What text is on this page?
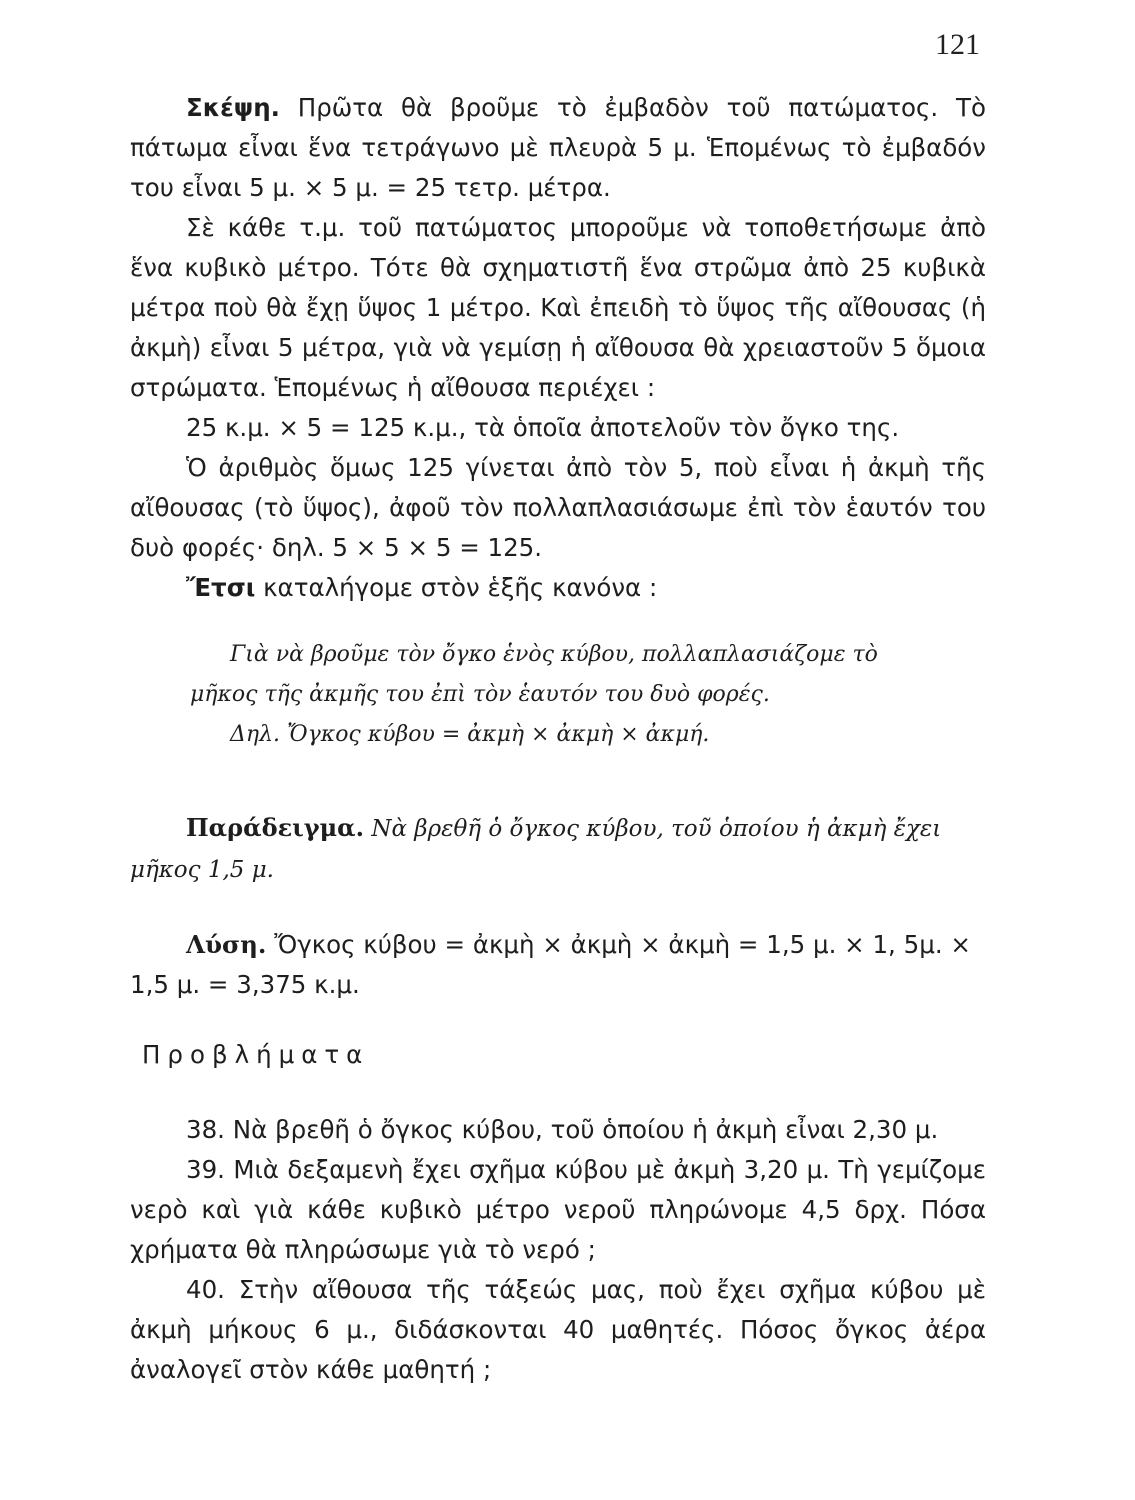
121

Σκέψη. Πρῶτα θὰ βροῦμε τὸ ἐμβαδὸν τοῦ πατώματος. Τὸ πάτωμα εἶναι ἕνα τετράγωνο μὲ πλευρὰ 5 μ. Ἑπομένως τὸ ἐμβαδόν του εἶναι 5 μ. × 5 μ. = 25 τετρ. μέτρα.

Σὲ κάθε τ.μ. τοῦ πατώματος μποροῦμε νὰ τοποθετήσωμε ἀπὸ ἕνα κυβικὸ μέτρο. Τότε θὰ σχηματιστῆ ἕνα στρῶμα ἀπὸ 25 κυβικὰ μέτρα ποὺ θὰ ἔχῃ ὕψος 1 μέτρο. Καὶ ἐπειδὴ τὸ ὕψος τῆς αἴθουσας (ἡ ἀκμὴ) εἶναι 5 μέτρα, γιὰ νὰ γεμίσῃ ἡ αἴθουσα θὰ χρειαστοῦν 5 ὅμοια στρώματα. Ἑπομένως ἡ αἴθουσα περιέχει :

25 κ.μ. × 5 = 125 κ.μ., τὰ ὁποῖα ἀποτελοῦν τὸν ὄγκο της.

Ὁ ἀριθμὸς ὅμως 125 γίνεται ἀπὸ τὸν 5, ποὺ εἶναι ἡ ἀκμὴ τῆς αἴθουσας (τὸ ὕψος), ἀφοῦ τὸν πολλαπλασιάσωμε ἐπὶ τὸν ἑαυτόν του δυὸ φορές· δηλ. 5 × 5 × 5 = 125.

Ἔτσι καταλήγομε στὸν ἑξῆς κανόνα :

Γιὰ νὰ βροῦμε τὸν ὄγκο ἑνὸς κύβου, πολλαπλασιάζομε τὸ

μῆκος τῆς ἀκμῆς του ἐπὶ τὸν ἑαυτόν του δυὸ φορές.

Δηλ. Ὄγκος κύβου = ἀκμὴ × ἀκμὴ × ἀκμή.

Παράδειγμα. Νὰ βρεθῆ ὁ ὄγκος κύβου, τοῦ ὁποίου ἡ ἀκμὴ ἔχει μῆκος 1,5 μ.

Λύση. Ὄγκος κύβου = ἀκμὴ × ἀκμὴ × ἀκμὴ = 1,5 μ. × 1, 5μ. × 1,5 μ. = 3,375 κ.μ.

Προβλήματα

38. Νὰ βρεθῆ ὁ ὄγκος κύβου, τοῦ ὁποίου ἡ ἀκμὴ εἶναι 2,30 μ.

39. Μιὰ δεξαμενὴ ἔχει σχῆμα κύβου μὲ ἀκμὴ 3,20 μ. Τὴ γεμίζομε νερὸ καὶ γιὰ κάθε κυβικὸ μέτρο νεροῦ πληρώνομε 4,5 δρχ. Πόσα χρήματα θὰ πληρώσωμε γιὰ τὸ νερό ;

40. Στὴν αἴθουσα τῆς τάξεώς μας, ποὺ ἔχει σχῆμα κύβου μὲ ἀκμὴ μήκους 6 μ., διδάσκονται 40 μαθητές. Πόσος ὄγκος ἀέρα ἀναλογεῖ στὸν κάθε μαθητή ;
